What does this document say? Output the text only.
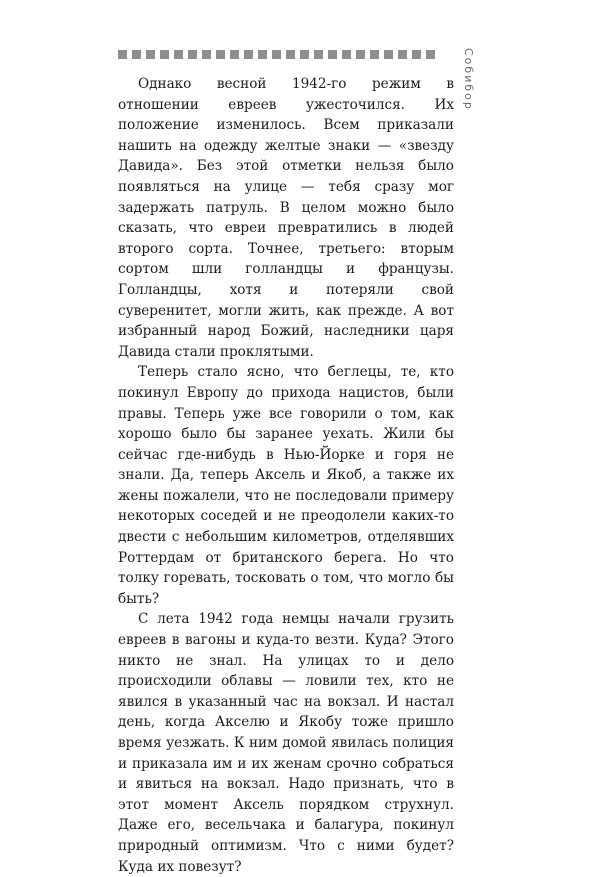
Собибор

Однако весной 1942-го режим в отношении евреев ужесточился. Их положение изменилось. Всем приказали нашить на одежду желтые знаки — «звезду Давида». Без этой отметки нельзя было появляться на улице — тебя сразу мог задержать патруль. В целом можно было сказать, что евреи превратились в людей второго сорта. Точнее, третьего: вторым сортом шли голландцы и французы. Голландцы, хотя и потеряли свой суверенитет, могли жить, как прежде. А вот избранный народ Божий, наследники царя Давида стали проклятыми.

Теперь стало ясно, что беглецы, те, кто покинул Европу до прихода нацистов, были правы. Теперь уже все говорили о том, как хорошо было бы заранее уехать. Жили бы сейчас где-нибудь в Нью-Йорке и горя не знали. Да, теперь Аксель и Якоб, а также их жены пожалели, что не последовали примеру некоторых соседей и не преодолели каких-то двести с небольшим километров, отделявших Роттердам от британского берега. Но что толку горевать, тосковать о том, что могло бы быть?

С лета 1942 года немцы начали грузить евреев в вагоны и куда-то везти. Куда? Этого никто не знал. На улицах то и дело происходили облавы — ловили тех, кто не явился в указанный час на вокзал. И настал день, когда Акселю и Якобу тоже пришло время уезжать. К ним домой явилась полиция и приказала им и их женам срочно собраться и явиться на вокзал. Надо признать, что в этот момент Аксель порядком струхнул. Даже его, весельчака и балагура, покинул природный оптимизм. Что с ними будет? Куда их повезут?
